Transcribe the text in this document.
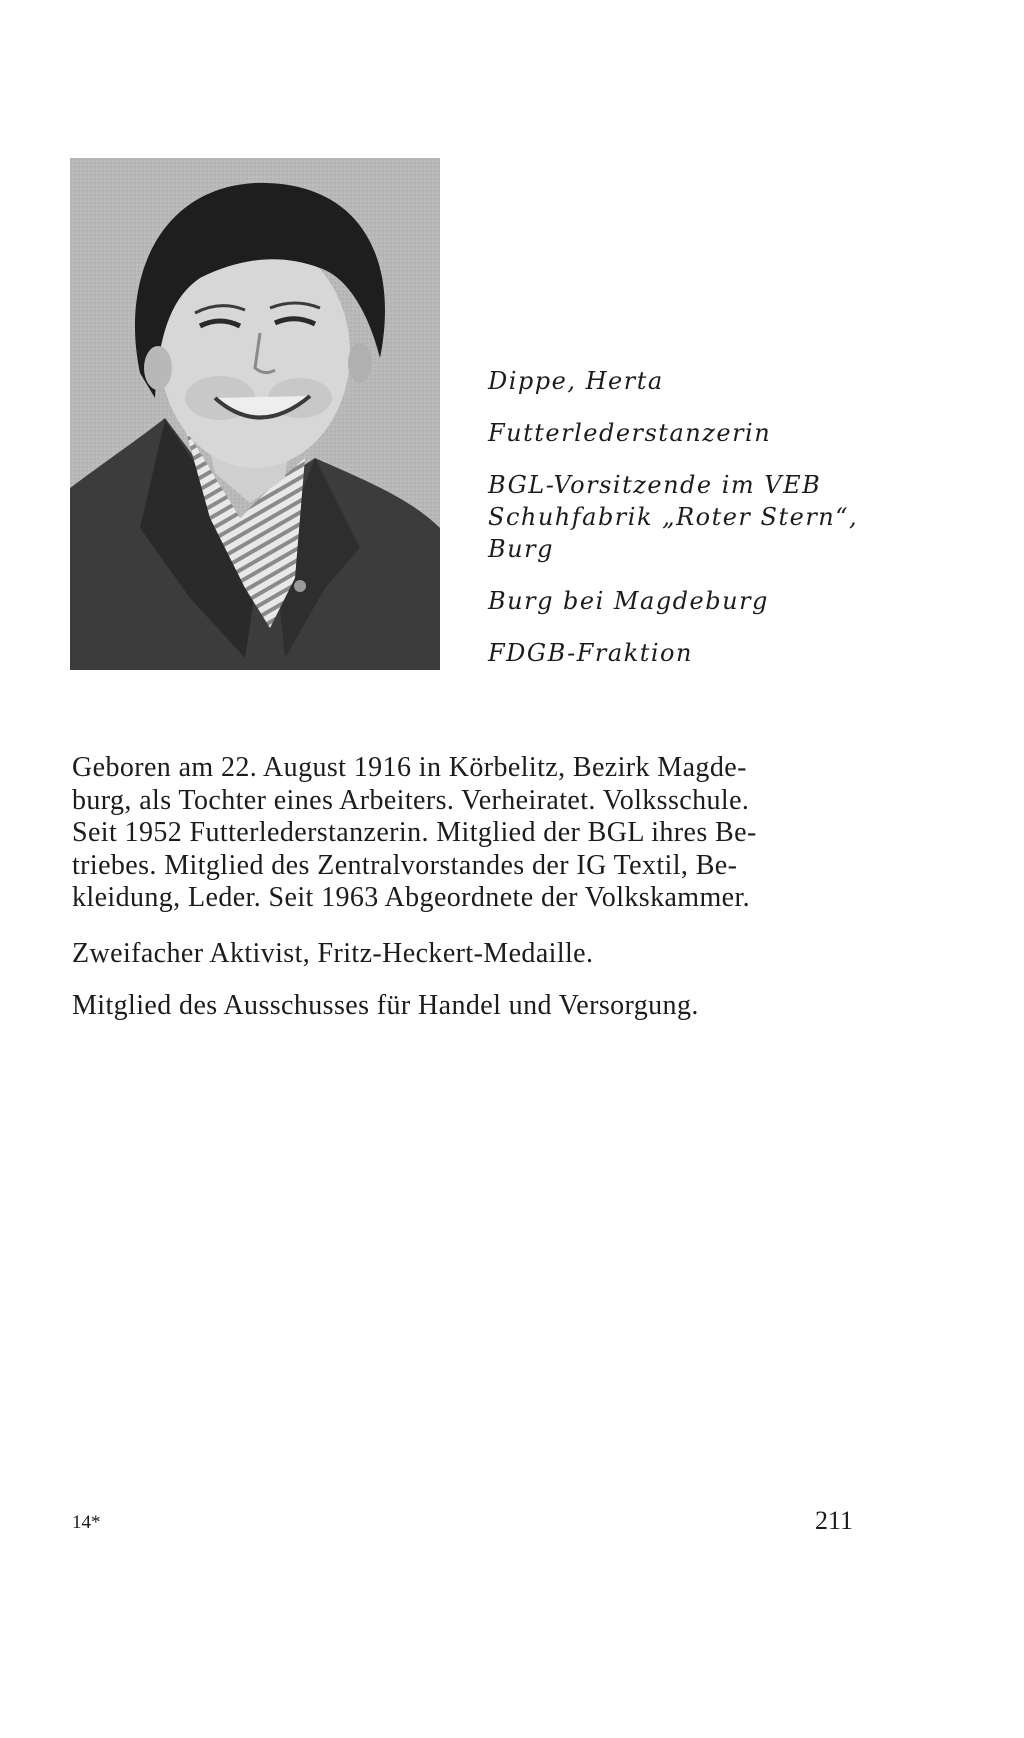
Dippe, Herta
Futterlederstanzerin
BGL-Vorsitzende im VEB
Schuhfabrik „Roter Stern“,
Burg
Burg bei Magdeburg
FDGB-Fraktion

Geboren am 22. August 1916 in Körbelitz, Bezirk Magde-

burg, als Tochter eines Arbeiters. Verheiratet. Volksschule.

Seit 1952 Futterlederstanzerin. Mitglied der BGL ihres Be-

triebes. Mitglied des Zentralvorstandes der IG Textil, Be-

kleidung, Leder. Seit 1963 Abgeordnete der Volkskammer.

Zweifacher Aktivist, Fritz-Heckert-Medaille.
Mitglied des Ausschusses für Handel und Versorgung.
14*	211
